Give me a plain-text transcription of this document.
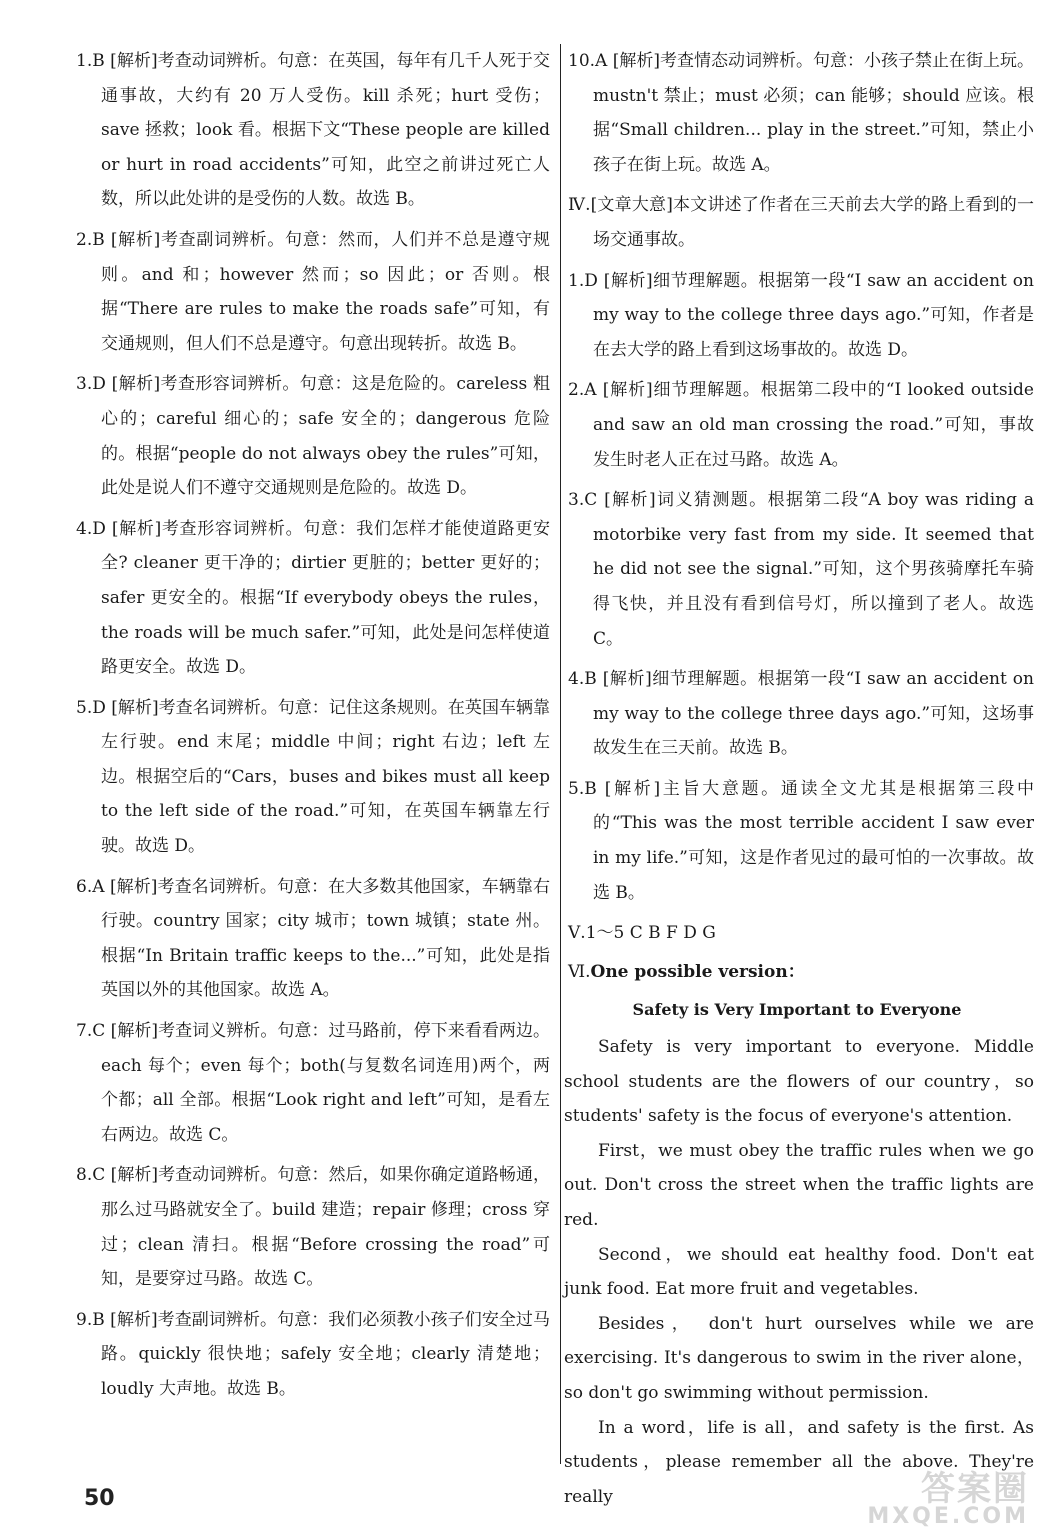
1.B [解析]考查动词辨析。句意：在英国，每年有几千人死于交通事故，大约有 20 万人受伤。kill 杀死；hurt 受伤；save 拯救；look 看。根据下文“These people are killed or hurt in road accidents”可知，此空之前讲过死亡人数，所以此处讲的是受伤的人数。故选 B。
2.B [解析]考查副词辨析。句意：然而，人们并不总是遵守规则。and 和；however 然而；so 因此；or 否则。根据“There are rules to make the roads safe”可知，有交通规则，但人们不总是遵守。句意出现转折。故选 B。
3.D [解析]考查形容词辨析。句意：这是危险的。careless 粗心的；careful 细心的；safe 安全的；dangerous 危险的。根据“people do not always obey the rules”可知，此处是说人们不遵守交通规则是危险的。故选 D。
4.D [解析]考查形容词辨析。句意：我们怎样才能使道路更安全? cleaner 更干净的；dirtier 更脏的；better 更好的；safer 更安全的。根据“If everybody obeys the rules，the roads will be much safer.”可知，此处是问怎样使道路更安全。故选 D。
5.D [解析]考查名词辨析。句意：记住这条规则。在英国车辆靠左行驶。end 末尾；middle 中间；right 右边；left 左边。根据空后的“Cars，buses and bikes must all keep to the left side of the road.”可知，在英国车辆靠左行驶。故选 D。
6.A [解析]考查名词辨析。句意：在大多数其他国家，车辆靠右行驶。country 国家；city 城市；town 城镇；state 州。根据“In Britain traffic keeps to the...”可知，此处是指英国以外的其他国家。故选 A。
7.C [解析]考查词义辨析。句意：过马路前，停下来看看两边。each 每个；even 每个；both(与复数名词连用)两个，两个都；all 全部。根据“Look right and left”可知，是看左右两边。故选 C。
8.C [解析]考查动词辨析。句意：然后，如果你确定道路畅通，那么过马路就安全了。build 建造；repair 修理；cross 穿过；clean 清扫。根据“Before crossing the road”可知，是要穿过马路。故选 C。
9.B [解析]考查副词辨析。句意：我们必须教小孩子们安全过马路。quickly 很快地；safely 安全地；clearly 清楚地；loudly 大声地。故选 B。
10.A [解析]考查情态动词辨析。句意：小孩子禁止在街上玩。mustn't 禁止；must 必须；can 能够；should 应该。根据“Small children... play in the street.”可知，禁止小孩子在街上玩。故选 A。
Ⅳ.[文章大意]本文讲述了作者在三天前去大学的路上看到的一场交通事故。
1.D [解析]细节理解题。根据第一段“I saw an accident on my way to the college three days ago.”可知，作者是在去大学的路上看到这场事故的。故选 D。
2.A [解析]细节理解题。根据第二段中的“I looked outside and saw an old man crossing the road.”可知，事故发生时老人正在过马路。故选 A。
3.C [解析]词义猜测题。根据第二段“A boy was riding a motorbike very fast from my side. It seemed that he did not see the signal.”可知，这个男孩骑摩托车骑得飞快，并且没有看到信号灯，所以撞到了老人。故选 C。
4.B [解析]细节理解题。根据第一段“I saw an accident on my way to the college three days ago.”可知，这场事故发生在三天前。故选 B。
5.B [解析]主旨大意题。通读全文尤其是根据第三段中的“This was the most terrible accident I saw ever in my life.”可知，这是作者见过的最可怕的一次事故。故选 B。
Ⅴ.1～5 C B F D G
Ⅵ.One possible version：
Safety is Very Important to Everyone
Safety is very important to everyone. Middle school students are the flowers of our country，so students' safety is the focus of everyone's attention.
First，we must obey the traffic rules when we go out. Don't cross the street when the traffic lights are red.
Second，we should eat healthy food. Don't eat junk food. Eat more fruit and vegetables.
Besides， don't hurt ourselves while we are exercising. It's dangerous to swim in the river alone，so don't go swimming without permission.
In a word，life is all，and safety is the first. As students，please remember all the above. They're really
50	答案圈
MXQE.COM
